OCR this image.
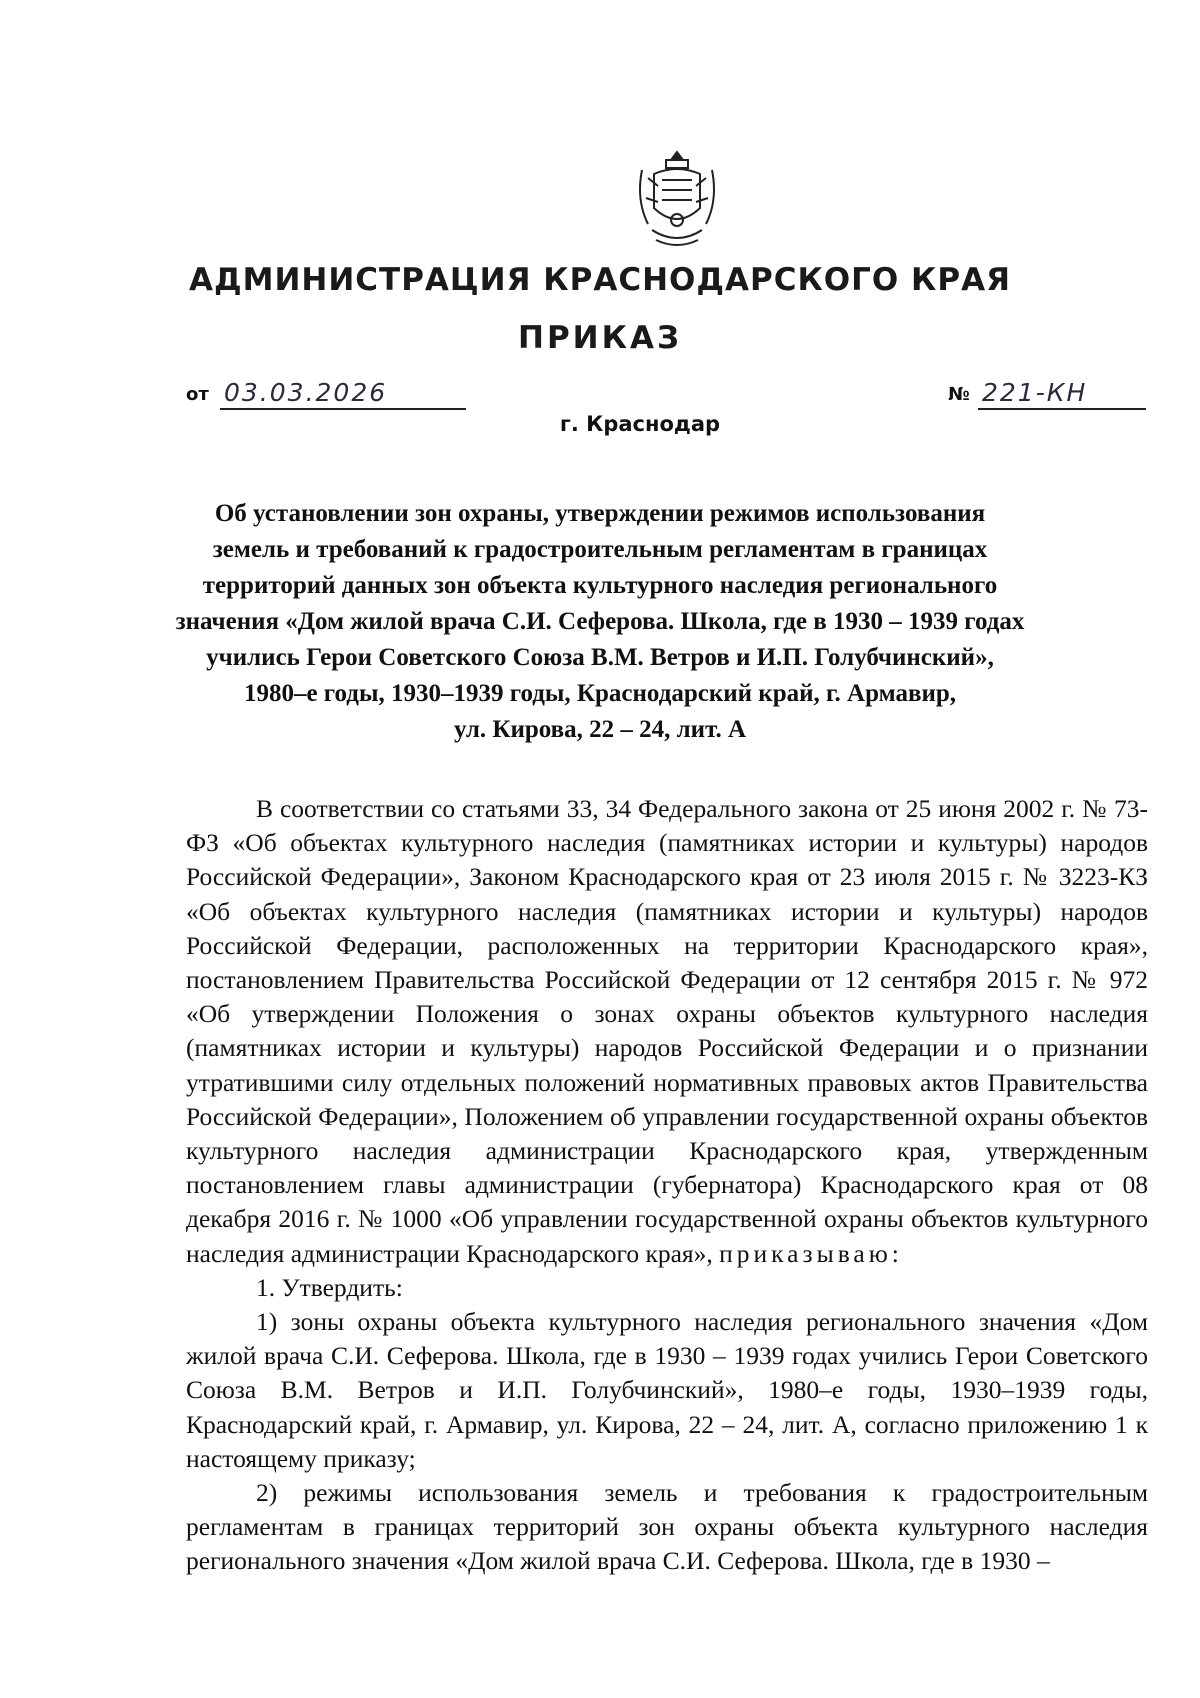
АДМИНИСТРАЦИЯ КРАСНОДАРСКОГО КРАЯ
ПРИКАЗ
от 03.03.2026
г. Краснодар
№ 221-КН
Об установлении зон охраны, утверждении режимов использования
земель и требований к градостроительным регламентам в границах
территорий данных зон объекта культурного наследия регионального
значения «Дом жилой врача С.И. Сеферова. Школа, где в 1930 – 1939 годах
учились Герои Советского Союза В.М. Ветров и И.П. Голубчинский»,
1980–е годы, 1930–1939 годы, Краснодарский край, г. Армавир,
ул. Кирова, 22 – 24, лит. А

В соответствии со статьями 33, 34 Федерального закона от 25 июня 2002 г. № 73-ФЗ «Об объектах культурного наследия (памятниках истории и культуры) народов Российской Федерации», Законом Краснодарского края от 23 июля 2015 г. № 3223-КЗ «Об объектах культурного наследия (памятниках истории и культуры) народов Российской Федерации, расположенных на территории Краснодарского края», постановлением Правительства Российской Федерации от 12 сентября 2015 г. № 972 «Об утверждении Положения о зонах охраны объектов культурного наследия (памятниках истории и культуры) народов Российской Федерации и о признании утратившими силу отдельных положений нормативных правовых актов Правительства Российской Федерации», Положением об управлении государственной охраны объектов культурного наследия администрации Краснодарского края, утвержденным постановлением главы администрации (губернатора) Краснодарского края от 08 декабря 2016 г. № 1000 «Об управлении государственной охраны объектов культурного наследия администрации Краснодарского края», приказываю:

1. Утвердить:

1) зоны охраны объекта культурного наследия регионального значения «Дом жилой врача С.И. Сеферова. Школа, где в 1930 – 1939 годах учились Герои Советского Союза В.М. Ветров и И.П. Голубчинский», 1980–е годы, 1930–1939 годы, Краснодарский край, г. Армавир, ул. Кирова, 22 – 24, лит. А, согласно приложению 1 к настоящему приказу;

2) режимы использования земель и требования к градостроительным регламентам в границах территорий зон охраны объекта культурного наследия регионального значения «Дом жилой врача С.И. Сеферова. Школа, где в 1930 –
